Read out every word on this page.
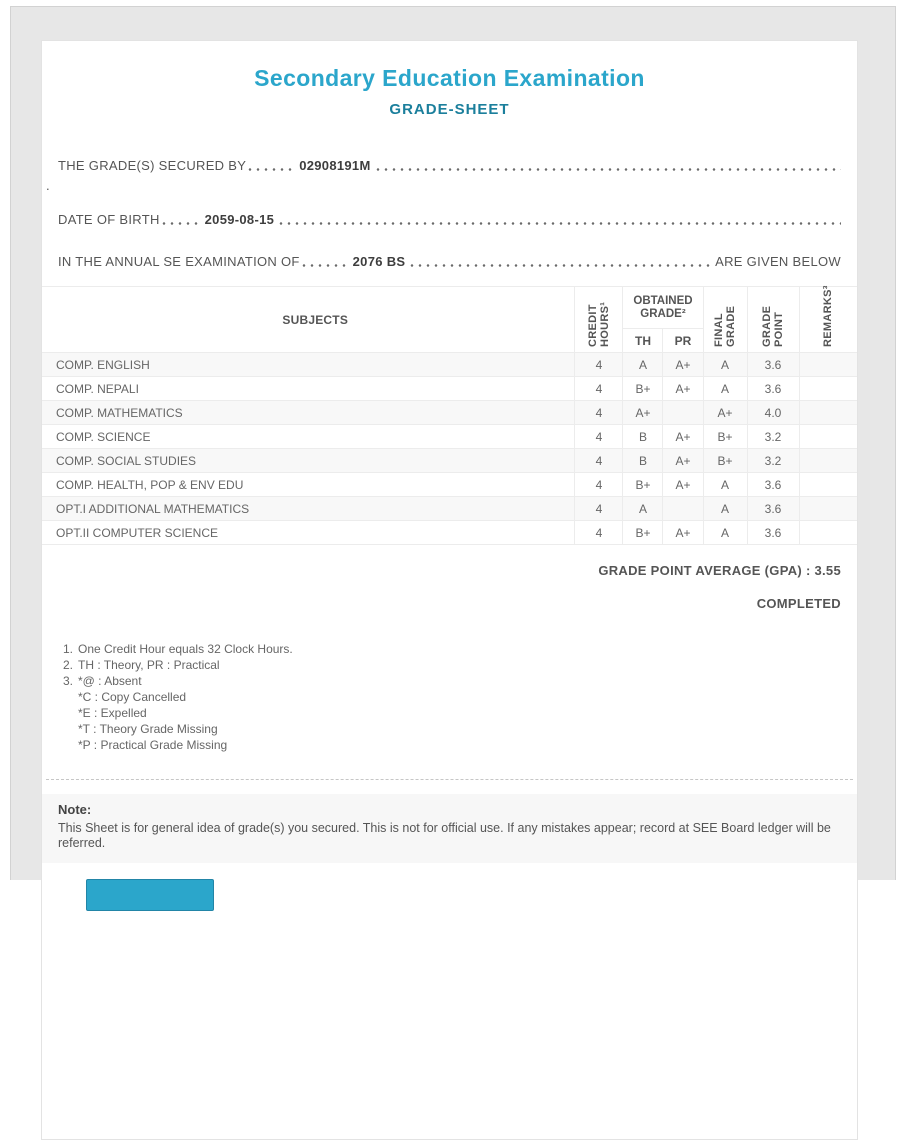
Secondary Education Examination
GRADE-SHEET
THE GRADE(S) SECURED BY	02908191M
.
DATE OF BIRTH	2059-08-15
IN THE ANNUAL SE EXAMINATION OF	2076 BS	ARE GIVEN BELOW
SUBJECTS	CREDIT HOURS¹	OBTAINED GRADE²		FINAL GRADE	GRADE POINT	REMARKS³
		TH	PR			
COMP. ENGLISH	4	A	A+	A	3.6	
COMP. NEPALI	4	B+	A+	A	3.6	
COMP. MATHEMATICS	4	A+		A+	4.0	
COMP. SCIENCE	4	B	A+	B+	3.2	
COMP. SOCIAL STUDIES	4	B	A+	B+	3.2	
COMP. HEALTH, POP & ENV EDU	4	B+	A+	A	3.6	
OPT.I ADDITIONAL MATHEMATICS	4	A		A	3.6	
OPT.II COMPUTER SCIENCE	4	B+	A+	A	3.6	
GRADE POINT AVERAGE (GPA) : 3.55
COMPLETED
1. One Credit Hour equals 32 Clock Hours.
2. TH : Theory, PR : Practical
3. *@ : Absent
*C : Copy Cancelled
*E : Expelled
*T : Theory Grade Missing
*P : Practical Grade Missing
Note:
This Sheet is for general idea of grade(s) you secured. This is not for official use. If any mistakes appear; record at SEE Board ledger will be referred.
